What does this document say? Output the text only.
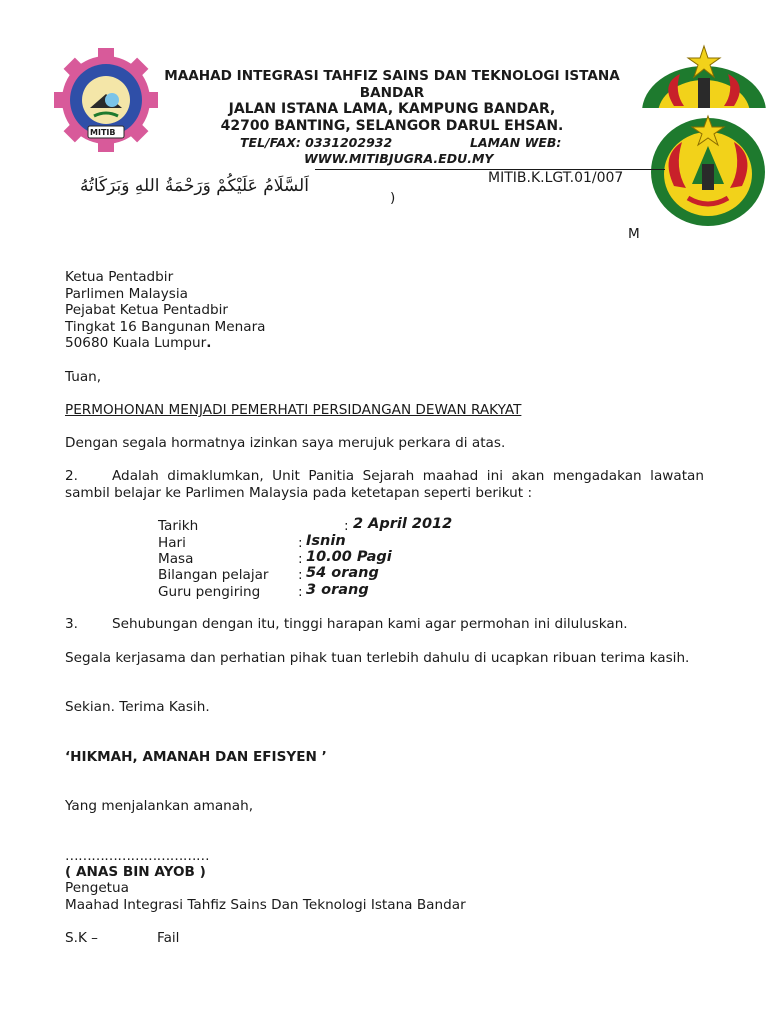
MITIB
MAAHAD INTEGRASI TAHFIZ SAINS DAN TEKNOLOGI ISTANA
BANDAR
JALAN ISTANA LAMA, KAMPUNG BANDAR,
42700 BANTING, SELANGOR DARUL EHSAN.
TEL/FAX: 0331202932	LAMAN WEB:
WWW.MITIBJUGRA.EDU.MY
اَلسَّلَامُ عَلَيْكُمْ وَرَحْمَةُ اللهِ وَبَرَكَاتُهُ	MITIB.K.LGT.01/007
)
M
Ketua Pentadbir
Parlimen Malaysia
Pejabat Ketua Pentadbir
Tingkat 16 Bangunan Menara
50680 Kuala Lumpur.
Tuan,
PERMOHONAN MENJADI PEMERHATI PERSIDANGAN DEWAN RAKYAT
Dengan segala hormatnya izinkan saya merujuk perkara di atas.
2.	Adalah dimaklumkan, Unit Panitia Sejarah maahad ini akan mengadakan lawatan sambil belajar ke Parlimen Malaysia pada ketetapan seperti berikut :
Tarikh	: 2 April 2012
Hari	: Isnin
Masa	: 10.00 Pagi
Bilangan pelajar : 54 orang
Guru pengiring	: 3 orang
3.	Sehubungan dengan itu, tinggi harapan kami agar permohan ini diluluskan.
Segala kerjasama dan perhatian pihak tuan terlebih dahulu di ucapkan ribuan terima kasih.
Sekian. Terima Kasih.
‘HIKMAH, AMANAH DAN EFISYEN ’
Yang menjalankan amanah,
……………………………
( ANAS BIN AYOB )
Pengetua
Maahad Integrasi Tahfiz Sains Dan Teknologi Istana Bandar
S.K –	Fail
